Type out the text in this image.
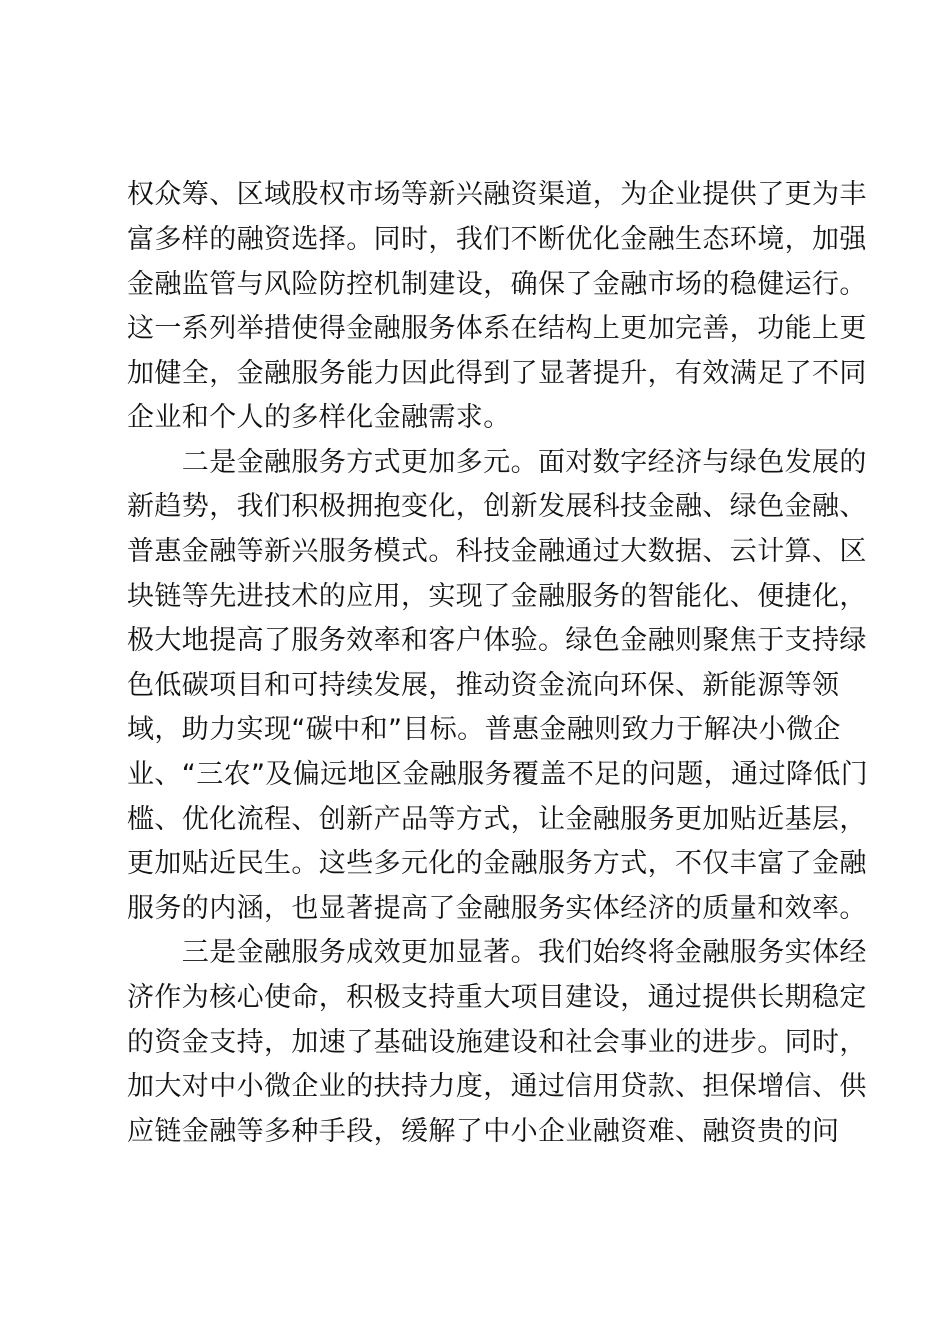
权众筹、区域股权市场等新兴融资渠道，为企业提供了更为丰
富多样的融资选择。同时，我们不断优化金融生态环境，加强
金融监管与风险防控机制建设，确保了金融市场的稳健运行。
这一系列举措使得金融服务体系在结构上更加完善，功能上更
加健全，金融服务能力因此得到了显著提升，有效满足了不同
企业和个人的多样化金融需求。
　　二是金融服务方式更加多元。面对数字经济与绿色发展的
新趋势，我们积极拥抱变化，创新发展科技金融、绿色金融、
普惠金融等新兴服务模式。科技金融通过大数据、云计算、区
块链等先进技术的应用，实现了金融服务的智能化、便捷化，
极大地提高了服务效率和客户体验。绿色金融则聚焦于支持绿
色低碳项目和可持续发展，推动资金流向环保、新能源等领
域，助力实现“碳中和”目标。普惠金融则致力于解决小微企
业、“三农”及偏远地区金融服务覆盖不足的问题，通过降低门
槛、优化流程、创新产品等方式，让金融服务更加贴近基层，
更加贴近民生。这些多元化的金融服务方式，不仅丰富了金融
服务的内涵，也显著提高了金融服务实体经济的质量和效率。
　　三是金融服务成效更加显著。我们始终将金融服务实体经
济作为核心使命，积极支持重大项目建设，通过提供长期稳定
的资金支持，加速了基础设施建设和社会事业的进步。同时，
加大对中小微企业的扶持力度，通过信用贷款、担保增信、供
应链金融等多种手段，缓解了中小企业融资难、融资贵的问
